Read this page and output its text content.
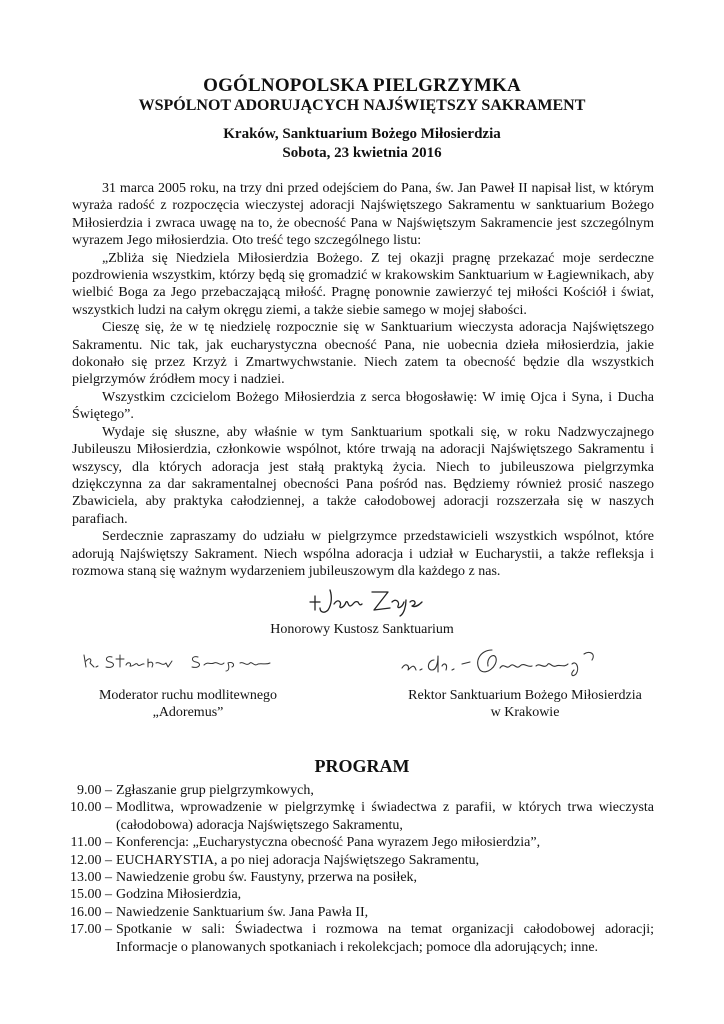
OGÓLNOPOLSKA PIELGRZYMKA
WSPÓLNOT ADORUJĄCYCH NAJŚWIĘTSZY SAKRAMENT
Kraków, Sanktuarium Bożego Miłosierdzia
Sobota, 23 kwietnia 2016

31 marca 2005 roku, na trzy dni przed odejściem do Pana, św. Jan Paweł II napisał list, w którym wyraża radość z rozpoczęcia wieczystej adoracji Najświętszego Sakramentu w sanktuarium Bożego Miłosierdzia i zwraca uwagę na to, że obecność Pana w Najświętszym Sakramencie jest szczególnym wyrazem Jego miłosierdzia. Oto treść tego szczególnego listu:

„Zbliża się Niedziela Miłosierdzia Bożego. Z tej okazji pragnę przekazać moje serdeczne pozdrowienia wszystkim, którzy będą się gromadzić w krakowskim Sanktuarium w Łagiewnikach, aby wielbić Boga za Jego przebaczającą miłość. Pragnę ponownie zawierzyć tej miłości Kościół i świat, wszystkich ludzi na całym okręgu ziemi, a także siebie samego w mojej słabości.

Cieszę się, że w tę niedzielę rozpocznie się w Sanktuarium wieczysta adoracja Najświętszego Sakramentu. Nic tak, jak eucharystyczna obecność Pana, nie uobecnia dzieła miłosierdzia, jakie dokonało się przez Krzyż i Zmartwychwstanie. Niech zatem ta obecność będzie dla wszystkich pielgrzymów źródłem mocy i nadziei.

Wszystkim czcicielom Bożego Miłosierdzia z serca błogosławię: W imię Ojca i Syna, i Ducha Świętego”.

Wydaje się słuszne, aby właśnie w tym Sanktuarium spotkali się, w roku Nadzwyczajnego Jubileuszu Miłosierdzia, członkowie wspólnot, które trwają na adoracji Najświętszego Sakramentu i wszyscy, dla których adoracja jest stałą praktyką życia. Niech to jubileuszowa pielgrzymka dziękczynna za dar sakramentalnej obecności Pana pośród nas. Będziemy również prosić naszego Zbawiciela, aby praktyka całodziennej, a także całodobowej adoracji rozszerzała się w naszych parafiach.

Serdecznie zapraszamy do udziału w pielgrzymce przedstawicieli wszystkich wspólnot, które adorują Najświętszy Sakrament. Niech wspólna adoracja i udział w Eucharystii, a także refleksja i rozmowa staną się ważnym wydarzeniem jubileuszowym dla każdego z nas.

Honorowy Kustosz Sanktuarium
Moderator ruchu modlitewnego
„Adoremus”
Rektor Sanktuarium Bożego Miłosierdzia
w Krakowie
PROGRAM
9.00 – Zgłaszanie grup pielgrzymkowych,
10.00 – Modlitwa, wprowadzenie w pielgrzymkę i świadectwa z parafii, w których trwa wieczysta (całodobowa) adoracja Najświętszego Sakramentu,
11.00 – Konferencja: „Eucharystyczna obecność Pana wyrazem Jego miłosierdzia”,
12.00 – EUCHARYSTIA, a po niej adoracja Najświętszego Sakramentu,
13.00 – Nawiedzenie grobu św. Faustyny, przerwa na posiłek,
15.00 – Godzina Miłosierdzia,
16.00 – Nawiedzenie Sanktuarium św. Jana Pawła II,
17.00 – Spotkanie w sali: Świadectwa i rozmowa na temat organizacji całodobowej adoracji; Informacje o planowanych spotkaniach i rekolekcjach; pomoce dla adorujących; inne.
